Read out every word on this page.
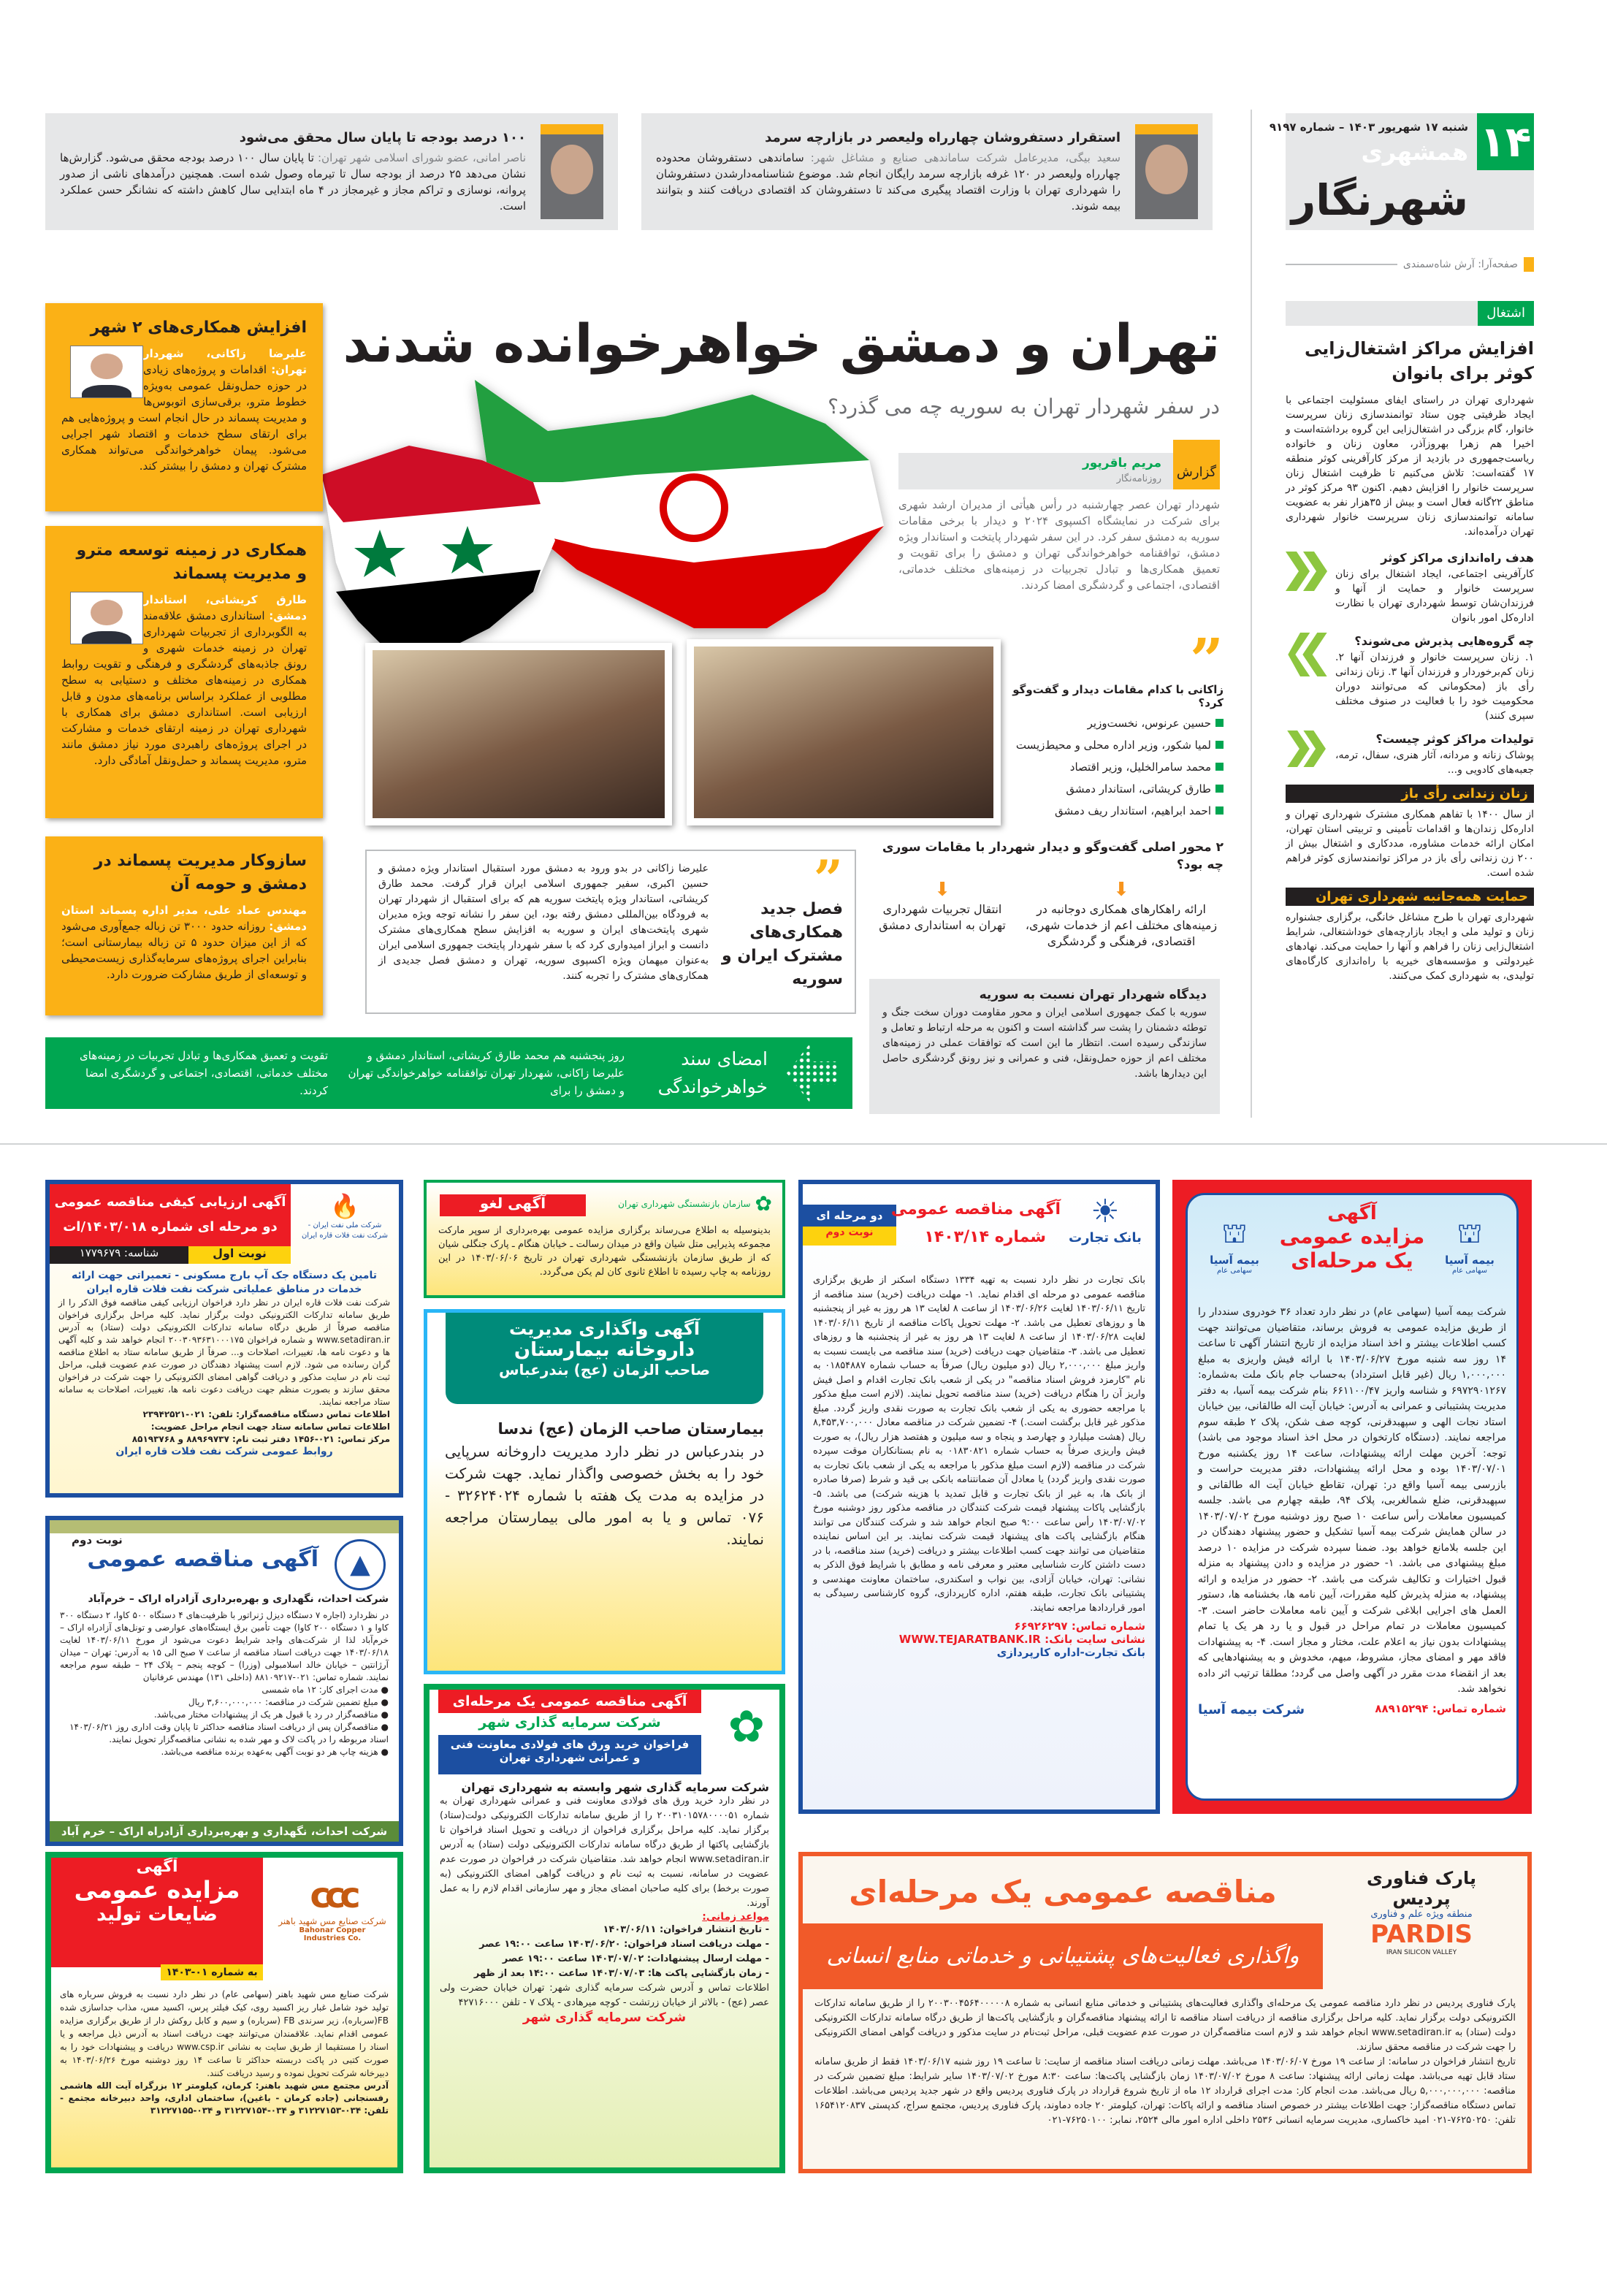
۱۴
شنبه ۱۷ شهریور ۱۴۰۳ – شماره ۹۱۹۷
همشهری
شهرنگار
صفحه‌آرا: آرش شاه‌سمندی
استقرار دستفروشان چهارراه ولیعصر در بازارچه سرمد

سعید بیگی، مدیرعامل شرکت ساماندهی صنایع و مشاغل شهر: ساماندهی دستفروشان محدوده چهارراه ولیعصر در ۱۲۰ غرفه بازارچه سرمد رایگان انجام شد. موضوع شناسنامه‌دارشدن دستفروشان را شهرداری تهران با وزارت اقتصاد پیگیری می‌کند تا دستفروشان کد اقتصادی دریافت کنند و بتوانند بیمه شوند.

۱۰۰ درصد بودجه تا پایان سال محقق می‌شود

ناصر امانی، عضو شورای اسلامی شهر تهران: تا پایان سال ۱۰۰ درصد بودجه محقق می‌شود. گزارش‌ها نشان می‌دهد ۲۵ درصد از بودجه سال تا تیرماه وصول شده است. همچنین درآمدهای ناشی از صدور پروانه، نوسازی و تراکم مجاز و غیرمجاز در ۴ ماه ابتدایی سال کاهش داشته که نشانگر حسن عملکرد است.

اشتغال
افزایش مراکز اشتغال‌زایی کوثر برای بانوان

شهرداری تهران در راستای ایفای مسئولیت اجتماعی با ایجاد ظرفیتی چون ستاد توانمندسازی زنان سرپرست خانوار، گام بزرگی در اشتغال‌زایی این گروه برداشته‌است و اخیرا هم زهرا بهروزآذر، معاون زنان و خانواده ریاست‌جمهوری در بازدید از مرکز کارآفرینی کوثر منطقه ۱۷ گفته‌است: تلاش می‌کنیم تا ظرفیت اشتغال زنان سرپرست خانوار را افزایش دهیم. اکنون ۹۳ مرکز کوثر در مناطق ۲۲گانه فعال است و بیش از ۳۵هزار نفر به عضویت سامانه توانمندسازی زنان سرپرست خانوار شهرداری تهران درآمده‌اند.

هدف راه‌اندازی مراکز کوثر

کارآفرینی اجتماعی، ایجاد اشتغال برای زنان سرپرست خانوار و حمایت از آنها و فرزندان‌شان توسط شهرداری تهران با نظارت اداره‌کل امور بانوان

چه گروه‌هایی پذیرش می‌شوند؟

۱. زنان سرپرست خانوار و فرزندان آنها ۲. زنان کم‌برخوردار و فرزندان آنها ۳. زنان زندانی رأی باز (محکومانی که می‌توانند دوران محکومیت خود را با فعالیت در صنوف مختلف سپری کنند)

تولیدات مراکز کوثر چیست؟

پوشاک زنانه و مردانه، آثار هنری، سفال، ترمه، جعبه‌های کادویی و...

زنان زندانی رأی باز

از سال ۱۴۰۰ با تفاهم همکاری مشترک شهرداری تهران و اداره‌کل زندان‌ها و اقدامات تأمینی و تربیتی استان تهران، امکان ارائه خدمات مشاوره، مددکاری و اشتغال بیش از ۲۰۰ زن زندانی رأی باز در مراکز توانمندسازی کوثر فراهم شده است.

حمایت همه‌جانبه شهرداری تهران

شهرداری تهران با طرح مشاغل خانگی، برگزاری جشنواره زنان و تولید ملی و ایجاد بازارچه‌های خوداشتغالی، شرایط اشتغال‌زایی زنان را فراهم و آنها را حمایت می‌کند. نهادهای غیردولتی و مؤسسه‌های خیریه با راه‌اندازی کارگاه‌های تولیدی، به شهرداری کمک می‌کنند.

تهران و دمشق خواهرخوانده شدند
در سفر شهردار تهران به سوریه چه می گذرد؟
گزارش
مریم باقرپور
روزنامه‌نگار

شهردار تهران عصر چهارشنبه در رأس هیأتی از مدیران ارشد شهری برای شرکت در نمایشگاه اکسپوی ۲۰۲۴ و دیدار با برخی مقامات سوریه به دمشق سفر کرد. در این سفر شهردار پایتخت و استاندار ویژه دمشق، توافقنامه خواهرخواندگی تهران و دمشق را برای تقویت و تعمیق همکاری‌ها و تبادل تجربیات در زمینه‌های مختلف خدماتی، اقتصادی، اجتماعی و گردشگری امضا کردند.

”
زاکانی با کدام مقامات دیدار و گفت‌وگو کرد؟
حسین عرنوس، نخست‌وزیر
لمیا شکور، وزیر اداره محلی و محیط‌زیست
محمد سامرالخلیل، وزیر اقتصاد
طارق کریشاتی، استاندار دمشق
احمد ابراهیم، استاندار ریف دمشق
۲ محور اصلی گفت‌وگو و دیدار شهردار با مقامات سوری چه بود؟
⬇
ارائه راهکارهای همکاری دوجانبه در زمینه‌های مختلف اعم از خدمات شهری، اقتصادی، فرهنگی و گردشگری
⬇
انتقال تجربیات شهرداری تهران به استانداری دمشق
دیدگاه شهردار تهران نسبت به سوریه

سوریه با کمک جمهوری اسلامی ایران و محور مقاومت دوران سخت جنگ و توطئه دشمنان را پشت سر گذاشته است و اکنون به مرحله ارتباط و تعامل و سازندگی رسیده است. انتظار ما این است که توافقات عملی در زمینه‌های مختلف اعم از حوزه حمل‌ونقل، فنی و عمرانی و نیز رونق گردشگری حاصل این دیدارها باشد.

”
فصل جدید همکاری‌های مشترک ایران و سوریه

علیرضا زاکانی در بدو ورود به دمشق مورد استقبال استاندار ویژه دمشق و حسین اکبری، سفیر جمهوری اسلامی ایران قرار گرفت. محمد طارق کریشاتی، استاندار ویژه پایتخت سوریه هم که برای استقبال از شهردار تهران به فرودگاه بین‌المللی دمشق رفته بود، این سفر را نشانه توجه ویژه مدیران شهری پایتخت‌های ایران و سوریه به افزایش سطح همکاری‌های مشترک دانست و ابراز امیدواری کرد که با سفر شهردار پایتخت جمهوری اسلامی ایران به‌عنوان میهمان ویژه اکسپوی سوریه، تهران و دمشق فصل جدیدی از همکاری‌های مشترک را تجربه کنند.

امضای سند خواهرخواندگی
روز پنجشنبه هم محمد طارق کریشاتی، استاندار دمشق و علیرضا زاکانی، شهردار تهران توافقنامه خواهرخواندگی تهران و دمشق را برای
تقویت و تعمیق همکاری‌ها و تبادل تجربیات در زمینه‌های مختلف خدماتی، اقتصادی، اجتماعی و گردشگری امضا کردند.
افزایش همکاری‌های ۲ شهر

علیرضا زاکانی، شهردار تهران: اقدامات و پروژه‌های زیادی در حوزه حمل‌ونقل عمومی به‌ویژه خطوط مترو، برقی‌سازی اتوبوس‌ها و مدیریت پسماند در حال انجام است و پروژه‌هایی هم برای ارتقای سطح خدمات و اقتصاد شهر اجرایی می‌شود. پیمان خواهرخواندگی می‌تواند همکاری مشترک تهران و دمشق را بیشتر کند.

همکاری در زمینه توسعه مترو و مدیریت پسماند

طارق کریشاتی، استاندار دمشق: استانداری دمشق علاقه‌مند به الگوبرداری از تجربیات شهرداری تهران در زمینه خدمات شهری و رونق جاذبه‌های گردشگری و فرهنگی و تقویت روابط همکاری در زمینه‌های مختلف و دستیابی به سطح مطلوبی از عملکرد براساس برنامه‌های مدون و قابل ارزیابی است. استانداری دمشق برای همکاری با شهرداری تهران در زمینه ارتقای خدمات و مشارکت در اجرای پروژه‌های راهبردی مورد نیاز دمشق مانند مترو، مدیریت پسماند و حمل‌ونقل آمادگی دارد.

سازوکار مدیریت پسماند در دمشق و حومه آن

مهندس عماد علی، مدیر اداره پسماند استان دمشق: روزانه حدود ۳۰۰۰ تن زباله جمع‌آوری می‌شود که از این میزان حدود ۵ تن زباله بیمارستانی است؛ بنابراین اجرای پروژه‌های سرمایه‌گذاری زیست‌محیطی و توسعه‌ای از طریق مشارکت ضرورت دارد.

آگهی ارزیابی کیفی مناقصه عمومی
دو مرحله ای شماره ۱۴۰۳/۰۱۸/ات
شناسه: ۱۷۷۹۶۷۹	نوبت اول
🔥
شرکت ملی نفت ایران - شرکت نفت فلات قاره ایران
تامین یک دستگاه جک آپ بارج مسکونی - تعمیراتی جهت ارائه خدمات در مناطق عملیاتی شرکت نفت فلات قاره ایران

شرکت نفت فلات قاره ایران در نظر دارد فراخوان ارزیابی کیفی مناقصه فوق الذکر را از طریق سامانه تدارکات الکترونیکی دولت برگزار نماید. کلیه مراحل برگزاری فراخوان مناقصه صرفاً از طریق درگاه سامانه تدارکات الکترونیکی دولت (ستاد) به آدرس www.setadiran.ir و شماره فراخوان ۲۰۰۳۰۹۳۶۳۱۰۰۰۱۷۵ انجام خواهد شد و کلیه آگهی ها و دعوت نامه ها، تغییرات، اصلاحات و... صرفاً از طریق سامانه ستاد به اطلاع مناقصه گران رسانده می شود. لازم است پیشنهاد دهندگان در صورت عدم عضویت قبلی، مراحل ثبت نام در سایت مذکور و دریافت گواهی امضای الکترونیکی را جهت شرکت در فراخوان محقق سازند و بصورت منظم جهت دریافت دعوت نامه ها، تغییرات، اصلاحات به سامانه ستاد مراجعه نمایند.

اطلاعات تماس دستگاه مناقصه‌گزار: تلفن: ۰۲۱-۲۳۹۴۲۵۲۱
اطلاعات تماس سامانه ستاد جهت انجام مراحل عضویت:
مرکز تماس: ۰۲۱-۱۴۵۶ دفتر ثبت نام: ۸۸۹۶۹۷۳۷ و ۸۵۱۹۳۷۶۸
روابط عمومی شرکت نفت فلات قاره ایران
نوبت دوم
▲
آگهی مناقصه عمومی
شرکت احداث، نگهداری و بهره‌برداری آزادراه اراک – خرم‌آباد

در نظردارد (اجاره ۷ دستگاه دیزل ژنراتور با ظرفیت‌های ۴ دستگاه ۵۰۰ کاوا، ۲ دستگاه ۳۰۰ کاوا و ۱ دستگاه ۲۰۰ کاوا) جهت تأمین برق ایستگاه‌های عوارضی و تونل‌های آزادراه اراک – خرم‌آباد لذا از شرکت‌های واجد شرایط دعوت می‌شود از مورخ ۱۴۰۳/۰۶/۱۱ لغایت ۱۴۰۳/۰۶/۱۸ جهت دریافت اسناد مناقصه از ساعت ۷ صبح الی ۱۵ به آدرس: تهران – میدان آرژانتین – خیابان خالد اسلامبولی (وزرا) – کوچه پنجم – پلاک ۲۴ – طبقه سوم مراجعه نمایند. شماره تماس: ۰۲۱-۸۸۱۰۹۲۱۷ (داخلی ۱۳۱) مهندس عرفانیان

● مدت اجرای کار: ۱۲ ماه شمسی
● مبلغ تضمین شرکت در مناقصه: ۳,۶۰۰,۰۰۰,۰۰۰ ریال
● مناقصه‌گزار در رد یا قبول هر یک از پیشنهادات مختار می‌باشد.
● مناقصه‌گران پس از دریافت اسناد مناقصه حداکثر تا پایان وقت اداری روز ۱۴۰۳/۰۶/۲۱ اسناد مربوطه را در پاکت لاک و مهر شده به نشانی مناقصه‌گزار تحویل نمایند.
● هزینه چاپ هر دو نوبت آگهی به‌عهده برنده مناقصه می‌باشد.
شرکت احداث، نگهداری و بهره‌برداری آزادراه اراک – خرم آباد
آگهی
مزایده عمومی
ضایعات تولید
به شماره ۰۱-۱۴۰۳
ccc
شرکت صنایع مس شهید باهنر
Bahonar Copper Industries Co.

شرکت صنایع مس شهید باهنر (سهامی عام) در نظر دارد نسبت به فروش سرباره های تولید خود شامل غبار ریز اکسید روی، کیک فیلتر پرس، اکسید مس، مذاب جداسازی شده FB(سرباره)، زیر سرندی FB (سرباره) و سیم و کابل روکش دار از طریق برگزاری مزایده عمومی اقدام نماید. علاقمندان می‌توانند جهت دریافت اسناد به آدرس ذیل مراجعه و یا اسناد را مستقیما از طریق سایت به نشانی www.csp.ir دریافت و پیشنهادات خود را به صورت کتبی در پاکت دربسته حداکثر تا ساعت ۱۴ روز دوشنبه مورخ ۱۴۰۳/۰۶/۲۶ به دبیرخانه شرکت تحویل نموده و رسید دریافت کنند.

آدرس مجتمع مس شهید باهنر: کرمان، کیلومتر ۱۲ بزرگراه آیت الله هاشمی رفسنجانی (جاده کرمان - باغین)، ساختمان اداری، واحد دبیرخانه مجتمع - تلفن: ۰۳۴-۳۱۲۲۷۱۵۳ و ۰۳۴-۳۱۲۲۷۱۵۴ و ۰۳۴-۳۱۲۲۷۱۵۵

آگهی لغو	✿
سازمان بازنشستگی شهرداری تهران

بدینوسیله به اطلاع می‌رساند برگزاری مزایده عمومی بهره‌برداری از سوپر مارکت مجموعه پذیرایی متل شیان واقع در میدان رسالت ـ خیابان هنگام ـ پارک جنگلی شیان که از طریق سازمان بازنشستگی شهرداری تهران در تاریخ ۱۴۰۳/۰۶/۰۶ در این روزنامه به چاپ رسیده تا اطلاع ثانوی کان لم یکن می‌گردد.

آگهی واگذاری مدیریت
داروخانه بیمارستان
صاحب الزمان (عج) بندرعباس
بیمارستان صاحب الزمان (عج) ندسا

در بندرعباس در نظر دارد مدیریت داروخانه سرپایی خود را به بخش خصوصی واگذار نماید. جهت شرکت در مزایده به مدت یک هفته با شماره ۳۲۶۲۴۰۲۴ - ۰۷۶ تماس و یا به امور مالی بیمارستان مراجعه نمایند.

آگهی مناقصه عمومی یک مرحله‌ای
شرکت سرمایه گذاری شهر
فراخوان خرید ورق های فولادی معاونت فنی و عمرانی شهرداری تهران
✿
شرکت سرمایه گذاری شهر وابسته به شهرداری تهران

در نظر دارد خرید ورق های فولادی معاونت فنی و عمرانی شهرداری تهران به شماره ۲۰۰۳۱۰۱۵۷۸۰۰۰۰۵۱ را از طریق سامانه تدارکات الکترونیکی دولت(ستاد) برگزار نماید. کلیه مراحل برگزاری فراخوان از دریافت و تحویل اسناد فراخوان تا بازگشایی پاکتها از طریق درگاه سامانه تدارکات الکترونیکی دولت (ستاد) به آدرس www.setadiran.ir انجام خواهد شد. متقاضیان شرکت در فراخوان در صورت عدم عضویت در سامانه، نسبت به ثبت نام و دریافت گواهی امضای الکترونیکی (به صورت برخط) برای کلیه صاحبان امضای مجاز و مهر سازمانی اقدام لازم را به عمل آورند.

مواعد زمانی:
- تاریخ انتشار فراخوان: ۱۴۰۳/۰۶/۱۱
- مهلت دریافت اسناد فراخوان: ۱۴۰۳/۰۶/۲۰ ساعت ۱۹:۰۰ عصر
- مهلت ارسال پیشنهادات: ۱۴۰۳/۰۷/۰۲ ساعت ۱۹:۰۰ عصر
- زمان بازگشایی پاکت ها: ۱۴۰۳/۰۷/۰۳ ساعت ۱۴:۰۰ بعد از ظهر

اطلاعات تماس و آدرس شرکت سرمایه گذاری شهر: تهران خیابان حضرت ولی عصر (عج) - بالاتر از خیابان زرتشت - کوچه میرهادی - پلاک ۷ - تلفن ۴۲۷۱۶۰۰۰

شرکت سرمایه گذاری شهر
دو مرحله ای
نوبت دوم
آگهی مناقصه عمومی
شماره ۱۴۰۳/۱۴
☀
بانک تجارت

بانک تجارت در نظر دارد نسبت به تهیه ۱۳۳۴ دستگاه اسکنر از طریق برگزاری مناقصه عمومی دو مرحله ای اقدام نماید. ۱- مهلت دریافت (خرید) سند مناقصه از تاریخ ۱۴۰۳/۰۶/۱۱ لغایت ۱۴۰۳/۰۶/۲۶ از ساعت ۸ لغایت ۱۳ هر روز به غیر از پنجشنبه ها و روزهای تعطیل می باشد. ۲- مهلت تحویل پاکات مناقصه از تاریخ ۱۴۰۳/۰۶/۱۱ لغایت ۱۴۰۳/۰۶/۲۸ از ساعت ۸ لغایت ۱۳ هر روز به غیر از پنجشنبه ها و روزهای تعطیل می باشد. ۳- متقاضیان جهت دریافت (خرید) سند مناقصه می بایست نسبت به واریز مبلغ ۲,۰۰۰,۰۰۰ ریال (دو میلیون ریال) صرفاً به حساب شماره ۰۱۸۵۴۸۸۷ به نام "کارمزد فروش اسناد مناقصه" در یکی از شعب بانک تجارت اقدام و اصل فیش واریز آن را هنگام دریافت (خرید) سند مناقصه تحویل نمایند. (لازم است مبلغ مذکور با مراجعه حضوری به یکی از شعب بانک تجارت به صورت نقدی واریز گردد. مبلغ مذکور غیر قابل برگشت است.) ۴- تضمین شرکت در مناقصه معادل ۸,۴۵۳,۷۰۰,۰۰۰ ریال (هشت میلیارد و چهارصد و پنجاه و سه میلیون و هفتصد هزار ریال)، به صورت فیش واریزی صرفاً به حساب شماره ۰۱۸۳۰۸۲۱ به نام بستانکاران موقت سپرده شرکت در مناقصه (لازم است مبلغ مذکور با مراجعه به یکی از شعب بانک تجارت به صورت نقدی واریز گردد) یا معادل آن ضمانتنامه بانکی بی قید و شرط (صرفا صادره از بانک ها، به غیر از بانک تجارت و قابل تمدید با هزینه شرکت) می باشد. ۵- بازگشایی پاکات پیشنهاد قیمت شرکت کنندگان در مناقصه مذکور روز دوشنبه مورخ ۱۴۰۳/۰۷/۰۲ رأس ساعت ۹:۰۰ صبح انجام خواهد شد و شرکت کنندگان می توانند هنگام بازگشایی پاکت های پیشنهاد قیمت شرکت نمایند. بر این اساس نماینده متقاضیان می توانند جهت کسب اطلاعات بیشتر و دریافت (خرید) سند مناقصه، با در دست داشتن کارت شناسایی معتبر و معرفی نامه و مطابق با شرایط فوق الذکر به نشانی: تهران، خیابان آزادی، بین نواب و اسکندری، ساختمان معاونت مهندسی و پشتیبانی بانک تجارت، طبقه هفتم، اداره کارپردازی، گروه کارشناسی رسیدگی به امور قراردادها مراجعه نمایند.

شماره تماس: ۶۶۹۲۶۲۹۷
نشانی سایت بانک: WWW.TEJARATBANK.IR
بانک تجارت-اداره کارپردازی
⛫
بیمه آسیا
سهامی عام
⛫
بیمه آسیا
سهامی عام
آگهی
مزایده عمومی
یک مرحله‌ای

شرکت بیمه آسیا (سهامی عام) در نظر دارد تعداد ۳۶ خودروی سنددار را از طریق مزایده عمومی به فروش برساند، متقاضیان می‌توانند جهت کسب اطلاعات بیشتر و اخذ اسناد مزایده از تاریخ انتشار آگهی تا ساعت ۱۴ روز سه شنبه مورخ ۱۴۰۳/۰۶/۲۷ با ارائه فیش واریزی به مبلغ ۱,۰۰۰,۰۰۰ ریال (غیر قابل استرداد) به‌حساب جام بانک ملت به‌شماره: ۶۹۷۲۹۰۱۲۶۷ و شناسه واریز ۶۶۱۱۰۰/۴۷ بنام شرکت بیمه آسیا، به دفتر مدیریت پشتیبانی و عمرانی به آدرس: خیابان آیت اله طالقانی، بین خیابان استاد نجات الهی و سپهبدقرنی، کوچه صف شکن، پلاک ۲ طبقه سوم مراجعه نمایند. (دستگاه کارتخوان در محل اخذ اسناد موجود می باشد) توجه: آخرین مهلت ارائه پیشنهادات، ساعت ۱۴ روز یکشنبه مورخ ۱۴۰۳/۰۷/۰۱ بوده و محل ارائه پیشنهادات، دفتر مدیریت حراست و بازرسی بیمه آسیا واقع در: تهران، تقاطع خیابان آیت اله طالقانی و سپهبدقرنی، ضلع شمالغربی، پلاک ۹۴، طبقه چهارم می باشد. جلسه کمیسیون معاملات رأس ساعت ۱۰ صبح روز دوشنبه مورخ ۱۴۰۳/۰۷/۰۲ در سالن همایش شرکت بیمه آسیا تشکیل و حضور پیشنهاد دهندگان در این جلسه بلامانع خواهد بود. ضمنا سپرده شرکت در مزایده ۱۰ درصد مبلغ پیشنهادی می باشد. ۱- حضور در مزایده و دادن پیشنهاد به منزله قبول اختیارات و تکالیف شرکت می باشد. ۲- حضور در مزایده و ارائه پیشنهاد، به منزله پذیرش کلیه مقررات، آیین نامه ها، بخشنامه ها، دستور العمل های اجرایی ابلاغی شرکت و آیین نامه معاملات حاضر است. ۳- کمیسیون معاملات در تمام مراحل در قبول و یا رد هر یک یا تمام پیشنهادات بدون نیاز به اعلام علت، مختار و مجاز است. ۴- به پیشنهادات فاقد مهر و امضای مجاز، مشروط، مبهم، مخدوش و به پیشنهادهایی که بعد از انقضاء مدت مقرر در آگهی واصل می گردد؛ مطلقا ترتیب اثر داده نخواهد شد.

شماره تماس: ۸۸۹۱۵۲۹۴
شرکت بیمه آسیا
مناقصه عمومی یک مرحله‌ای
واگذاری فعالیت‌های پشتیبانی و خدماتی منابع انسانی
پارک فناوری پردیس
منطقه ویژه علم و فناوری
PARDIS
IRAN SILICON VALLEY

پارک فناوری پردیس در نظر دارد مناقصه عمومی یک مرحله‌ای واگذاری فعالیت‌های پشتیبانی و خدماتی منابع انسانی به شماره ۲۰۰۳۰۰۴۵۶۴۰۰۰۰۰۸ را از طریق سامانه تدارکات الکترونیکی دولت برگزار نماید. کلیه مراحل برگزاری مناقصه از دریافت اسناد مناقصه تا ارائه پیشنهاد مناقصه‌گران و بازگشایی پاکت‌ها از طریق درگاه سامانه تدارکات الکترونیکی دولت (ستاد) به www.setadiran.ir انجام خواهد شد و لازم است مناقصه‌گران در صورت عدم عضویت قبلی، مراحل ثبت‌نام در سایت مذکور و دریافت گواهی امضای الکترونیکی را جهت شرکت در مناقصه محقق سازند.

تاریخ انتشار فراخوان در سامانه: از ساعت ۱۹ مورخ ۱۴۰۳/۰۶/۰۷ می‌باشد. مهلت زمانی دریافت اسناد مناقصه از سایت: تا ساعت ۱۹ روز شنبه ۱۴۰۳/۰۶/۱۷ فقط از طریق سامانه ستاد قابل تهیه می‌باشد. مهلت زمانی ارائه پیشنهاد: ساعت ۸ مورخ ۱۴۰۳/۰۷/۰۲ زمان بازگشایی پاکت‌ها: ساعت ۸:۳۰ مورخ ۱۴۰۳/۰۷/۰۲ سایر شرایط: مبلغ تضمین شرکت در مناقصه: ۵,۰۰۰,۰۰۰,۰۰۰ ریال می‌باشد. مدت انجام کار: مدت اجرای قرارداد ۱۲ ماه از تاریخ شروع قرارداد در پارک فناوری پردیس واقع در شهر جدید پردیس می‌باشد. اطلاعات تماس دستگاه مناقصه‌گزار: جهت اطلاعات بیشتر در خصوص اسناد مناقصه و ارائه پاکات: تهران، کیلومتر ۲۰ جاده دماوند، پارک فناوری پردیس، مجتمع سراج، کدپستی ۱۶۵۴۱۲۰۸۳۷ تلفن: ۷۶۲۵۰۲۵۰-۰۲۱ امید خاکساری، مدیریت سرمایه انسانی ۲۵۳۶ داخلی اداره امور مالی ۲۵۲۴، نمابر: ۷۶۲۵۰۱۰۰-۰۲۱
